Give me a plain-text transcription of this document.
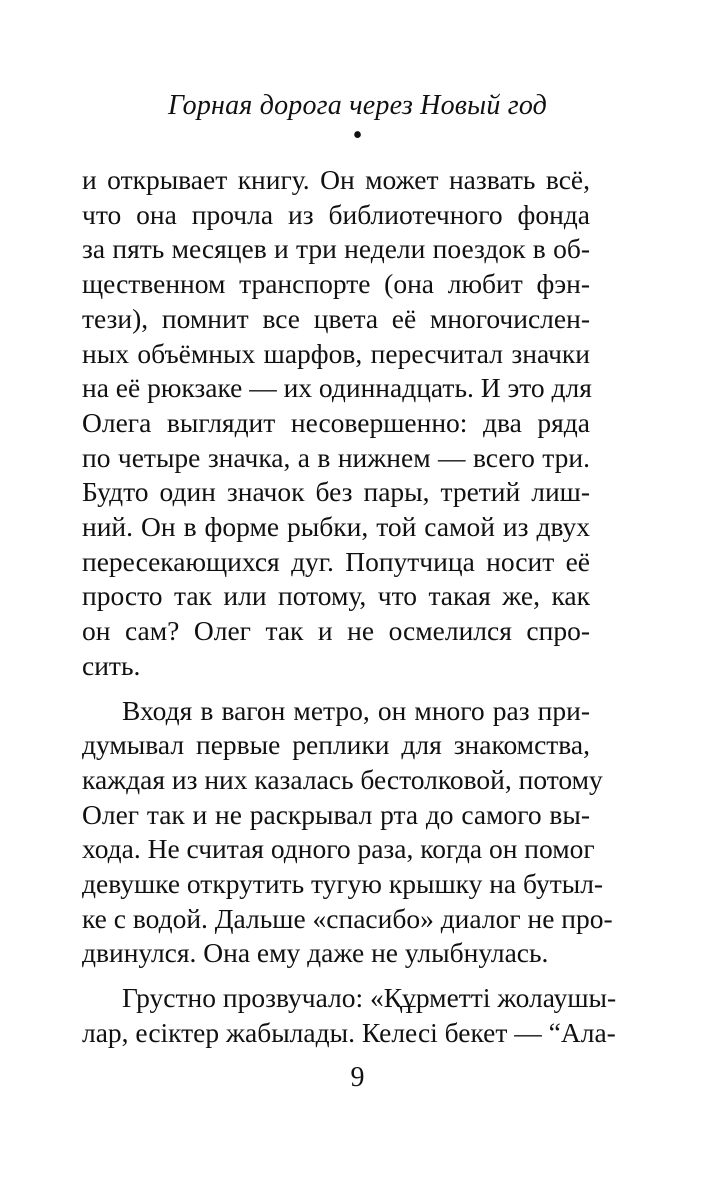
Горная дорога через Новый год
•

и открывает книгу. Он может назвать всё,
что она прочла из библиотечного фонда
за пять месяцев и три недели поездок в об-
щественном транспорте (она любит фэн-
тези), помнит все цвета её многочислен-
ных объёмных шарфов, пересчитал значки
на её рюкзаке — их одиннадцать. И это для
Олега выглядит несовершенно: два ряда
по четыре значка, а в нижнем — всего три.
Будто один значок без пары, третий лиш-
ний. Он в форме рыбки, той самой из двух
пересекающихся дуг. Попутчица носит её
просто так или потому, что такая же, как
он сам? Олег так и не осмелился спро-
сить.

Входя в вагон метро, он много раз при-
думывал первые реплики для знакомства,
каждая из них казалась бестолковой, потому
Олег так и не раскрывал рта до самого вы-
хода. Не считая одного раза, когда он помог
девушке открутить тугую крышку на бутыл-
ке с водой. Дальше «спасибо» диалог не про-
двинулся. Она ему даже не улыбнулась.

Грустно прозвучало: «Құрметті жолаушы-
лар, есіктер жабылады. Келесі бекет — “Ала-

9
